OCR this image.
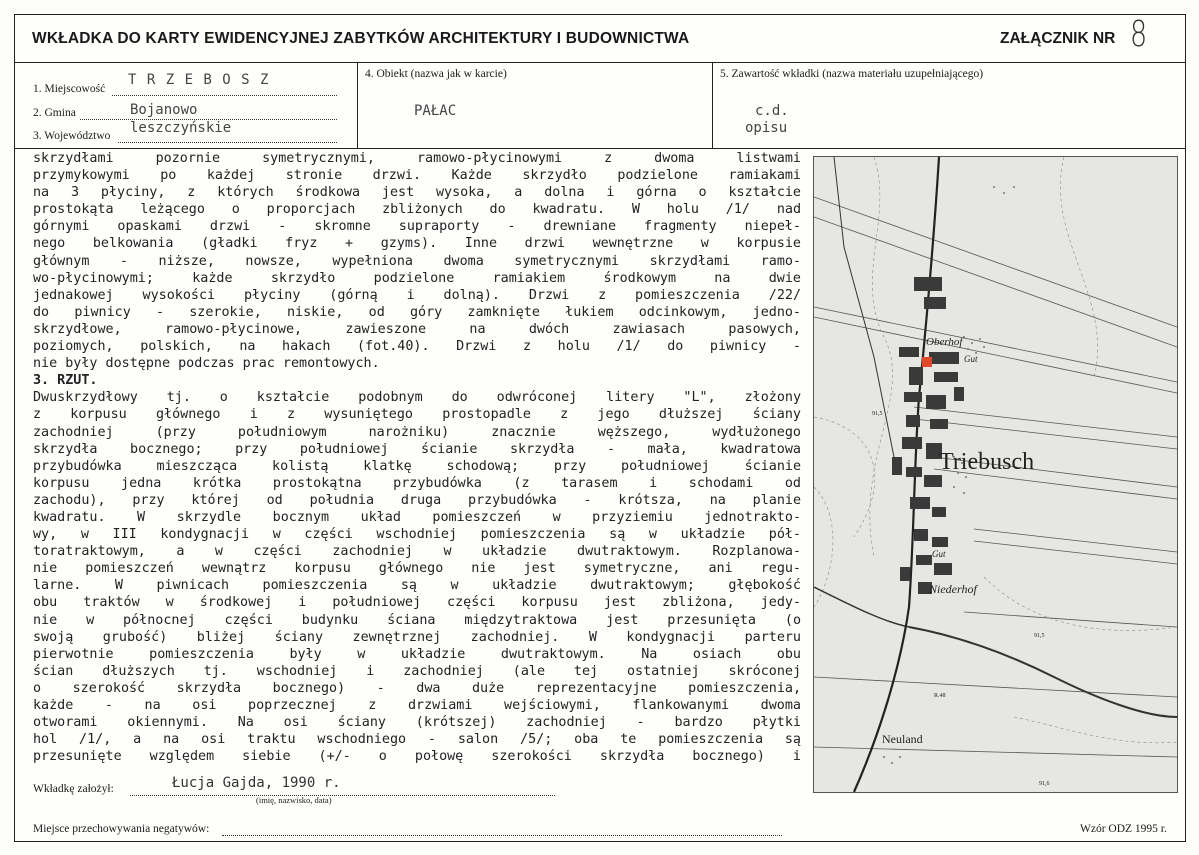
WKŁADKA DO KARTY EWIDENCYJNEJ ZABYTKÓW ARCHITEKTURY I BUDOWNICTWA	ZAŁĄCZNIK NR 8
1. Miejscowość
T R Z E B O S Z
2. Gmina	Bojanowo
3. Województwo leszczyńskie
4. Obiekt (nazwa jak w karcie)
PAŁAC
5. Zawartość wkładki (nazwa materiału uzupełniającego)
c.d.
opisu
skrzydłami pozornie symetrycznymi, ramowo-płycinowymi z dwoma listwami
przymykowymi po każdej stronie drzwi. Każde skrzydło podzielone ramiakami
na 3 płyciny, z których środkowa jest wysoka, a dolna i górna o kształcie
prostokąta leżącego o proporcjach zbliżonych do kwadratu. W holu /1/ nad
górnymi opaskami drzwi - skromne supraporty - drewniane fragmenty niepeł-
nego belkowania (gładki fryz + gzyms). Inne drzwi wewnętrzne w korpusie
głównym - niższe, nowsze, wypełniona dwoma symetrycznymi skrzydłami ramo-
wo-płycinowymi; każde skrzydło podzielone ramiakiem środkowym na dwie
jednakowej wysokości płyciny (górną i dolną). Drzwi z pomieszczenia /22/
do piwnicy - szerokie, niskie, od góry zamknięte łukiem odcinkowym, jedno-
skrzydłowe, ramowo-płycinowe, zawieszone na dwóch zawiasach pasowych,
poziomych, polskich, na hakach (fot.40). Drzwi z holu /1/ do piwnicy -
nie były dostępne podczas prac remontowych.
3. RZUT.
Dwuskrzydłowy tj. o kształcie podobnym do odwróconej litery "L", złożony
z korpusu głównego i z wysuniętego prostopadle z jego dłuższej ściany
zachodniej (przy południowym narożniku) znacznie węższego, wydłużonego
skrzydła bocznego; przy południowej ścianie skrzydła - mała, kwadratowa
przybudówka mieszcząca kolistą klatkę schodową; przy południowej ścianie
korpusu jedna krótka prostokątna przybudówka (z tarasem i schodami od
zachodu), przy której od południa druga przybudówka - krótsza, na planie
kwadratu. W skrzydle bocznym układ pomieszczeń w przyziemiu jednotrakto-
wy, w III kondygnacji w części wschodniej pomieszczenia są w układzie pół-
toratraktowym, a w części zachodniej w układzie dwutraktowym. Rozplanowa-
nie pomieszczeń wewnątrz korpusu głównego nie jest symetryczne, ani regu-
larne. W piwnicach pomieszczenia są w układzie dwutraktowym; głębokość
obu traktów w środkowej i południowej części korpusu jest zbliżona, jedy-
nie w północnej części budynku ściana międzytraktowa jest przesunięta (o
swoją grubość) bliżej ściany zewnętrznej zachodniej. W kondygnacji parteru
pierwotnie pomieszczenia były w układzie dwutraktowym. Na osiach obu
ścian dłuższych tj. wschodniej i zachodniej (ale tej ostatniej skróconej
o szerokość skrzydła bocznego) - dwa duże reprezentacyjne pomieszczenia,
każde - na osi poprzecznej z drzwiami wejściowymi, flankowanymi dwoma
otworami okiennymi. Na osi ściany (krótszej) zachodniej - bardzo płytki
hol /1/, a na osi traktu wschodniego - salon /5/; oba te pomieszczenia są
przesunięte względem siebie (+/- o połowę szerokości skrzydła bocznego) i
Oberhof
Gut
Triebusch
Gut
Niederhof
Neuland
91,5
91,5
R.48
91,6
Wkładkę założył:	Łucja Gajda, 1990 r.
(imię, nazwisko, data)
Miejsce przechowywania negatywów:	Wzór ODZ 1995 r.
